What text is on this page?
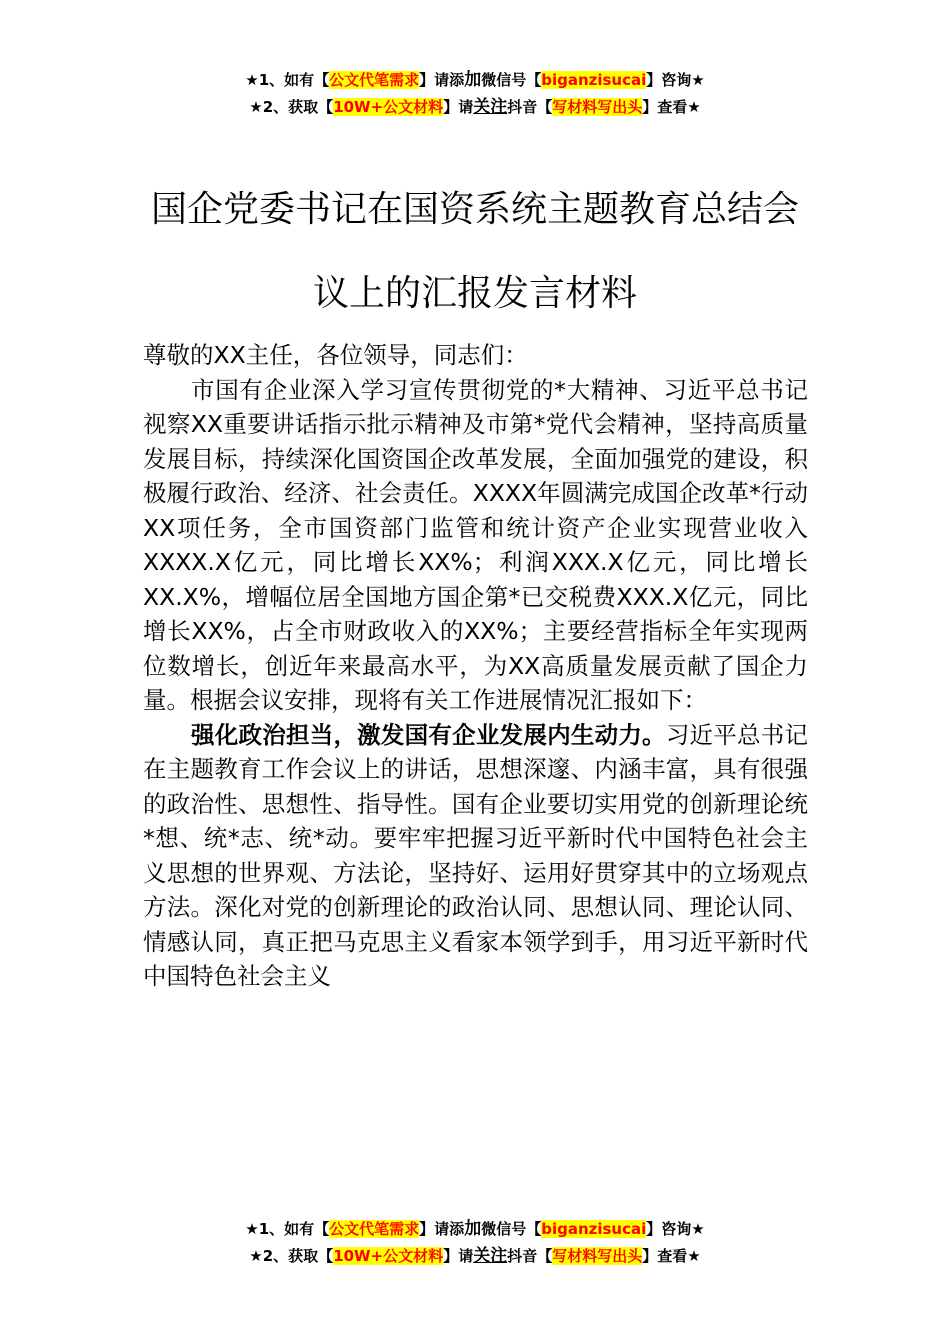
★1、如有【公文代笔需求】请添加微信号【biganzisucai】咨询★
★2、获取【10W+公文材料】请关注抖音【写材料写出头】查看★
国企党委书记在国资系统主题教育总结会
议上的汇报发言材料

尊敬的XX主任，各位领导，同志们：

市国有企业深入学习宣传贯彻党的*大精神、习近平总书记视察XX重要讲话指示批示精神及市第*党代会精神，坚持高质量发展目标，持续深化国资国企改革发展，全面加强党的建设，积极履行政治、经济、社会责任。XXXX年圆满完成国企改革*行动XX项任务，全市国资部门监管和统计资产企业实现营业收入XXXX.X亿元，同比增长XX%；利润XXX.X亿元，同比增长XX.X%，增幅位居全国地方国企第*已交税费XXX.X亿元，同比增长XX%，占全市财政收入的XX%；主要经营指标全年实现两位数增长，创近年来最高水平，为XX高质量发展贡献了国企力量。根据会议安排，现将有关工作进展情况汇报如下：

强化政治担当，激发国有企业发展内生动力。习近平总书记在主题教育工作会议上的讲话，思想深邃、内涵丰富，具有很强的政治性、思想性、指导性。国有企业要切实用党的创新理论统*想、统*志、统*动。要牢牢把握习近平新时代中国特色社会主义思想的世界观、方法论，坚持好、运用好贯穿其中的立场观点方法。深化对党的创新理论的政治认同、思想认同、理论认同、情感认同，真正把马克思主义看家本领学到手，用习近平新时代中国特色社会主义

★1、如有【公文代笔需求】请添加微信号【biganzisucai】咨询★
★2、获取【10W+公文材料】请关注抖音【写材料写出头】查看★
